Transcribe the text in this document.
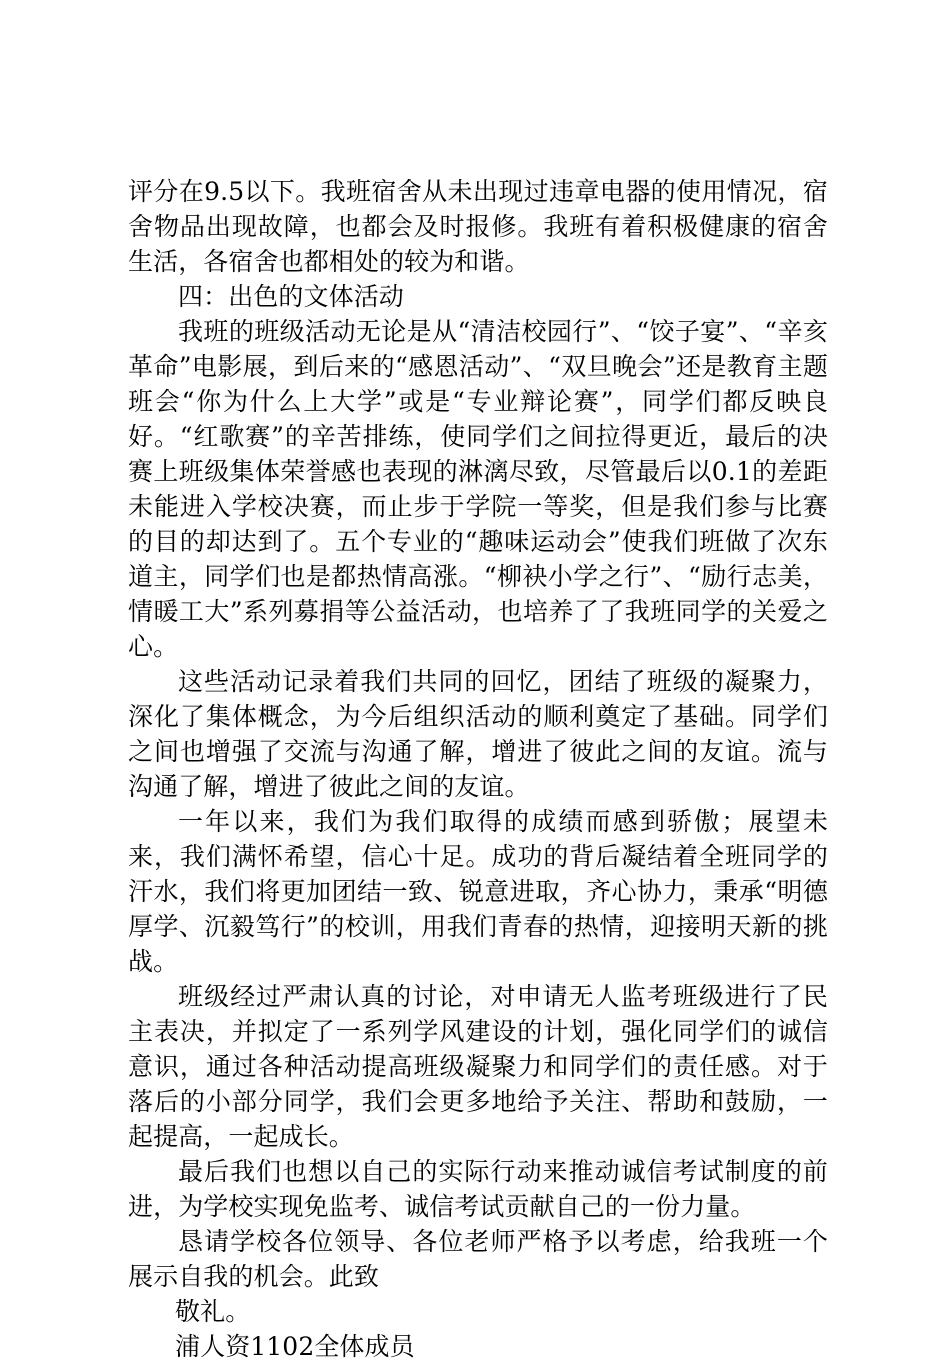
评分在9.5以下。我班宿舍从未出现过违章电器的使用情况，宿舍物品出现故障，也都会及时报修。我班有着积极健康的宿舍生活，各宿舍也都相处的较为和谐。

四：出色的文体活动

我班的班级活动无论是从“清洁校园行”、“饺子宴”、“辛亥革命”电影展，到后来的“感恩活动”、“双旦晚会”还是教育主题班会“你为什么上大学”或是“专业辩论赛”，同学们都反映良好。“红歌赛”的辛苦排练，使同学们之间拉得更近，最后的决赛上班级集体荣誉感也表现的淋漓尽致，尽管最后以0.1的差距未能进入学校决赛，而止步于学院一等奖，但是我们参与比赛的目的却达到了。五个专业的“趣味运动会”使我们班做了次东道主，同学们也是都热情高涨。“柳袂小学之行”、“励行志美，情暖工大”系列募捐等公益活动，也培养了了我班同学的关爱之心。

这些活动记录着我们共同的回忆，团结了班级的凝聚力，深化了集体概念，为今后组织活动的顺利奠定了基础。同学们之间也增强了交流与沟通了解，增进了彼此之间的友谊。流与沟通了解，增进了彼此之间的友谊。

一年以来，我们为我们取得的成绩而感到骄傲；展望未来，我们满怀希望，信心十足。成功的背后凝结着全班同学的汗水，我们将更加团结一致、锐意进取，齐心协力，秉承“明德厚学、沉毅笃行”的校训，用我们青春的热情，迎接明天新的挑战。

班级经过严肃认真的讨论，对申请无人监考班级进行了民主表决，并拟定了一系列学风建设的计划，强化同学们的诚信意识，通过各种活动提高班级凝聚力和同学们的责任感。对于落后的小部分同学，我们会更多地给予关注、帮助和鼓励，一起提高，一起成长。

最后我们也想以自己的实际行动来推动诚信考试制度的前进，为学校实现免监考、诚信考试贡献自己的一份力量。

恳请学校各位领导、各位老师严格予以考虑，给我班一个展示自我的机会。此致

敬礼。

浦人资1102全体成员
